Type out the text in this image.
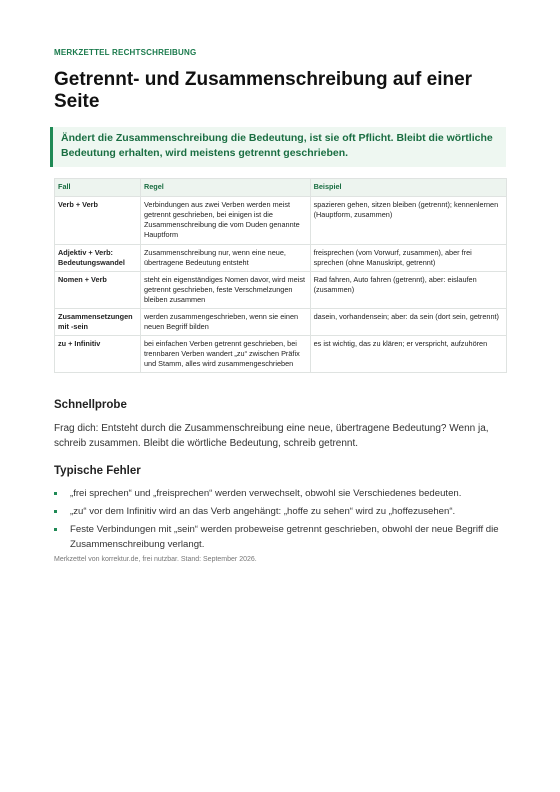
MERKZETTEL RECHTSCHREIBUNG
Getrennt- und Zusammenschreibung auf einer Seite
Ändert die Zusammenschreibung die Bedeutung, ist sie oft Pflicht. Bleibt die wörtliche Bedeutung erhalten, wird meistens getrennt geschrieben.
Fall	Regel	Beispiel
Verb + Verb	Verbindungen aus zwei Verben werden meist getrennt geschrieben, bei einigen ist die Zusammenschreibung die vom Duden genannte Hauptform	spazieren gehen, sitzen bleiben (getrennt); kennenlernen (Hauptform, zusammen)
Adjektiv + Verb: Bedeutungswandel	Zusammenschreibung nur, wenn eine neue, übertragene Bedeutung entsteht	freisprechen (vom Vorwurf, zusammen), aber frei sprechen (ohne Manuskript, getrennt)
Nomen + Verb	steht ein eigenständiges Nomen davor, wird meist getrennt geschrieben, feste Verschmelzungen bleiben zusammen	Rad fahren, Auto fahren (getrennt), aber: eislaufen (zusammen)
Zusammensetzungen mit -sein	werden zusammengeschrieben, wenn sie einen neuen Begriff bilden	dasein, vorhandensein; aber: da sein (dort sein, getrennt)
zu + Infinitiv	bei einfachen Verben getrennt geschrieben, bei trennbaren Verben wandert „zu“ zwischen Präfix und Stamm, alles wird zusammengeschrieben	es ist wichtig, das zu klären; er verspricht, aufzuhören
Schnellprobe

Frag dich: Entsteht durch die Zusammenschreibung eine neue, übertragene Bedeutung? Wenn ja, schreib zusammen. Bleibt die wörtliche Bedeutung, schreib getrennt.

Typische Fehler
„frei sprechen“ und „freisprechen“ werden verwechselt, obwohl sie Verschiedenes bedeuten.
„zu“ vor dem Infinitiv wird an das Verb angehängt: „hoffe zu sehen“ wird zu „hoffezusehen“.
Feste Verbindungen mit „sein“ werden probeweise getrennt geschrieben, obwohl der neue Begriff die Zusammenschreibung verlangt.
Merkzettel von korrektur.de, frei nutzbar. Stand: September 2026.
